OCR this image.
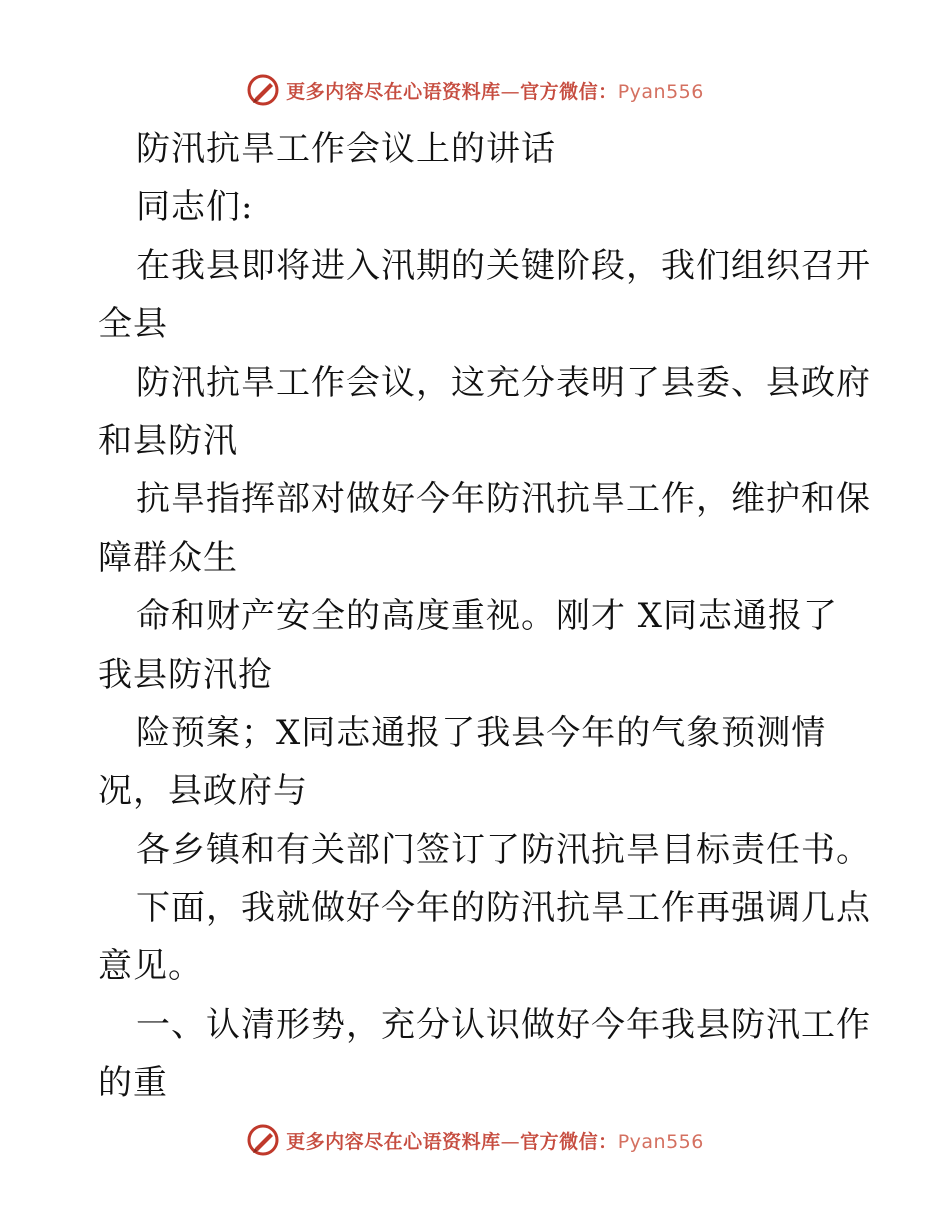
更多内容尽在心语资料库—官方微信：Pyan556
防汛抗旱工作会议上的讲话
同志们:
在我县即将进入汛期的关键阶段，我们组织召开
全县
防汛抗旱工作会议，这充分表明了县委、县政府
和县防汛
抗旱指挥部对做好今年防汛抗旱工作，维护和保
障群众生
命和财产安全的高度重视。刚才 X同志通报了
我县防汛抢
险预案；X同志通报了我县今年的气象预测情
况，县政府与
各乡镇和有关部门签订了防汛抗旱目标责任书。
下面，我就做好今年的防汛抗旱工作再强调几点
意见。
一、认清形势，充分认识做好今年我县防汛工作
的重
更多内容尽在心语资料库—官方微信：Pyan556
